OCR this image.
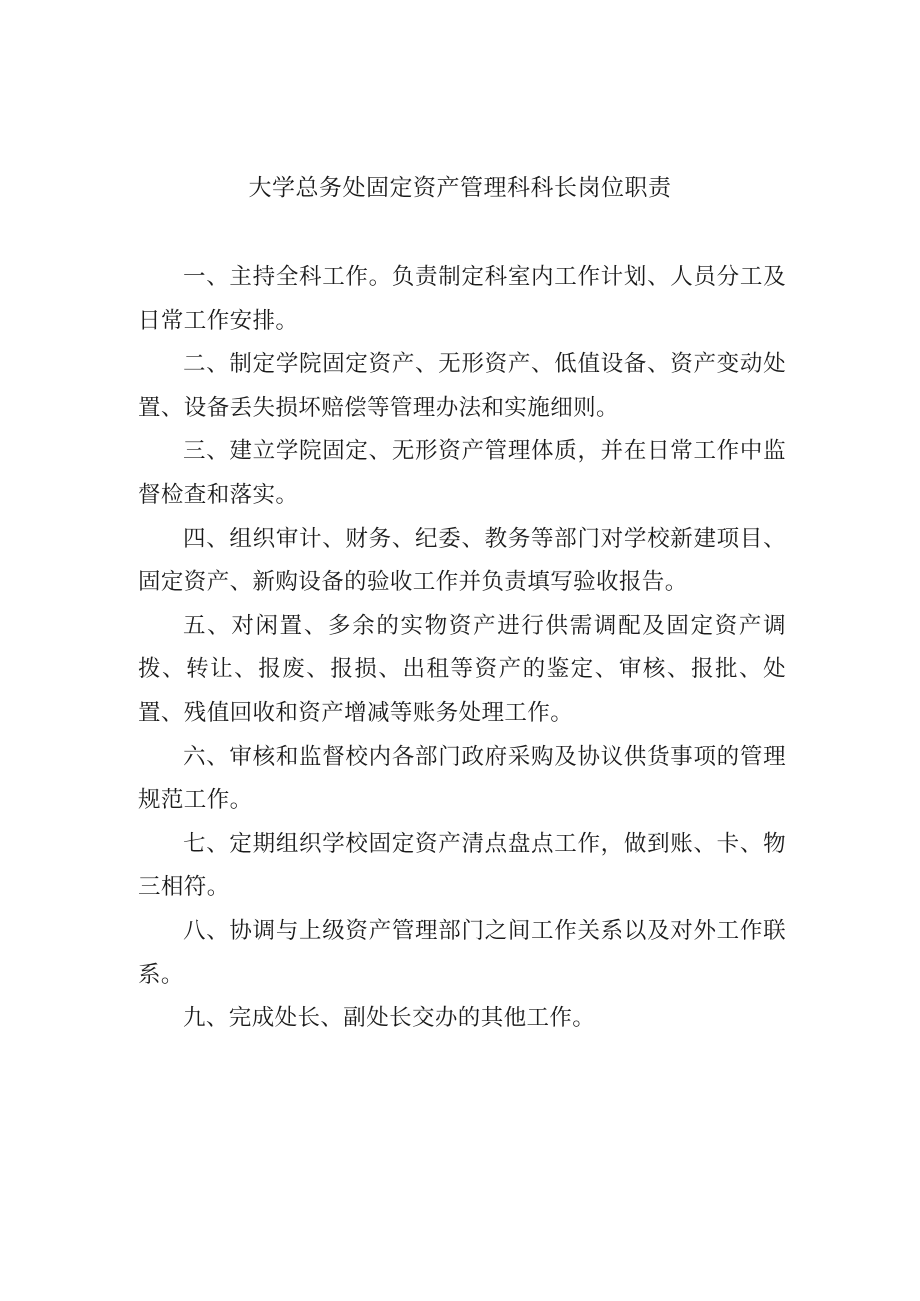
大学总务处固定资产管理科科长岗位职责

一、主持全科工作。负责制定科室内工作计划、人员分工及日常工作安排。

二、制定学院固定资产、无形资产、低值设备、资产变动处置、设备丢失损坏赔偿等管理办法和实施细则。

三、建立学院固定、无形资产管理体质，并在日常工作中监督检查和落实。

四、组织审计、财务、纪委、教务等部门对学校新建项目、固定资产、新购设备的验收工作并负责填写验收报告。

五、对闲置、多余的实物资产进行供需调配及固定资产调拨、转让、报废、报损、出租等资产的鉴定、审核、报批、处置、残值回收和资产增减等账务处理工作。

六、审核和监督校内各部门政府采购及协议供货事项的管理规范工作。

七、定期组织学校固定资产清点盘点工作，做到账、卡、物三相符。

八、协调与上级资产管理部门之间工作关系以及对外工作联系。

九、完成处长、副处长交办的其他工作。
